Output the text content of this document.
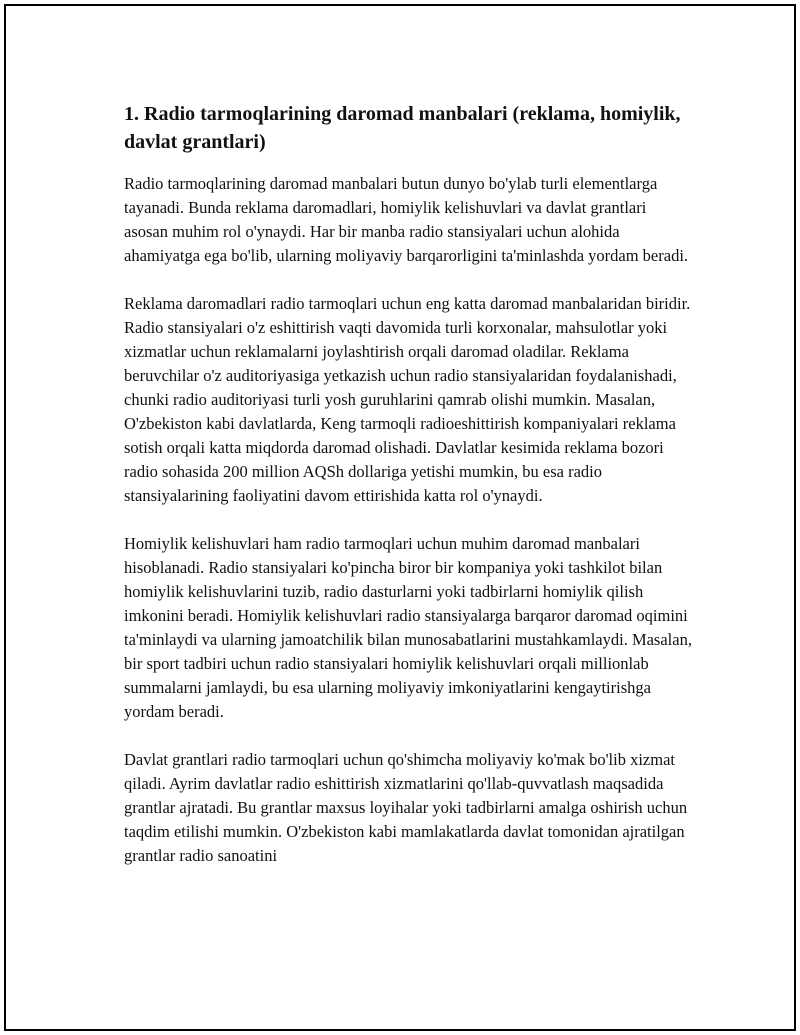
1. Radio tarmoqlarining daromad manbalari (reklama, homiylik, davlat grantlari)

Radio tarmoqlarining daromad manbalari butun dunyo bo'ylab turli elementlarga tayanadi. Bunda reklama daromadlari, homiylik kelishuvlari va davlat grantlari asosan muhim rol o'ynaydi. Har bir manba radio stansiyalari uchun alohida ahamiyatga ega bo'lib, ularning moliyaviy barqarorligini ta'minlashda yordam beradi.

Reklama daromadlari radio tarmoqlari uchun eng katta daromad manbalaridan biridir. Radio stansiyalari o'z eshittirish vaqti davomida turli korxonalar, mahsulotlar yoki xizmatlar uchun reklamalarni joylashtirish orqali daromad oladilar. Reklama beruvchilar o'z auditoriyasiga yetkazish uchun radio stansiyalaridan foydalanishadi, chunki radio auditoriyasi turli yosh guruhlarini qamrab olishi mumkin. Masalan, O'zbekiston kabi davlatlarda, Keng tarmoqli radioeshittirish kompaniyalari reklama sotish orqali katta miqdorda daromad olishadi. Davlatlar kesimida reklama bozori radio sohasida 200 million AQSh dollariga yetishi mumkin, bu esa radio stansiyalarining faoliyatini davom ettirishida katta rol o'ynaydi.

Homiylik kelishuvlari ham radio tarmoqlari uchun muhim daromad manbalari hisoblanadi. Radio stansiyalari ko'pincha biror bir kompaniya yoki tashkilot bilan homiylik kelishuvlarini tuzib, radio dasturlarni yoki tadbirlarni homiylik qilish imkonini beradi. Homiylik kelishuvlari radio stansiyalarga barqaror daromad oqimini ta'minlaydi va ularning jamoatchilik bilan munosabatlarini mustahkamlaydi. Masalan, bir sport tadbiri uchun radio stansiyalari homiylik kelishuvlari orqali millionlab summalarni jamlaydi, bu esa ularning moliyaviy imkoniyatlarini kengaytirishga yordam beradi.

Davlat grantlari radio tarmoqlari uchun qo'shimcha moliyaviy ko'mak bo'lib xizmat qiladi. Ayrim davlatlar radio eshittirish xizmatlarini qo'llab-quvvatlash maqsadida grantlar ajratadi. Bu grantlar maxsus loyihalar yoki tadbirlarni amalga oshirish uchun taqdim etilishi mumkin. O'zbekiston kabi mamlakatlarda davlat tomonidan ajratilgan grantlar radio sanoatini
